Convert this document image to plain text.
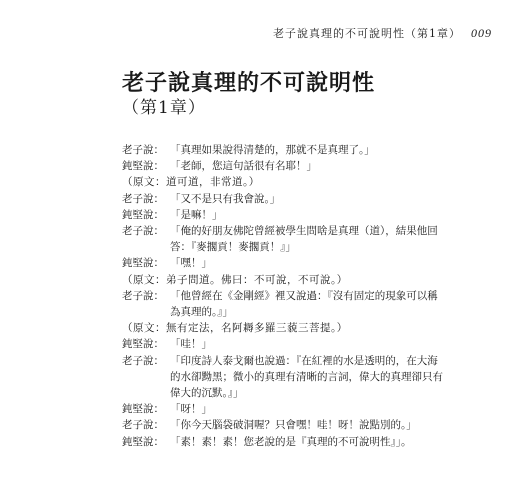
老子說真理的不可說明性（第1章） 009
老子說真理的不可說明性
（第1章）
老子說： 「真理如果說得清楚的，那就不是真理了。」
鈍堅說： 「老師，您這句話很有名耶！」
（原文：道可道，非常道。）
老子說： 「又不是只有我會說。」
鈍堅說： 「是嘛！」
老子說： 「俺的好朋友佛陀曾經被學生問啥是真理（道），結果他回
答：『麥擱貢！麥擱貢！』」
鈍堅說： 「嘿！」
（原文：弟子問道。佛曰：不可說，不可說。）
老子說： 「他曾經在《金剛經》裡又說過：『沒有固定的現象可以稱
為真理的。』」
（原文：無有定法，名阿耨多羅三藐三菩提。）
鈍堅說： 「哇！」
老子說： 「印度詩人泰戈爾也說過：『在紅裡的水是透明的，在大海
的水卻黝黑；微小的真理有清晰的言詞，偉大的真理卻只有
偉大的沉默。』」
鈍堅說： 「呀！」
老子說： 「你今天腦袋破洞喔？只會嘿！哇！呀！說點別的。」
鈍堅說： 「素！素！素！您老說的是『真理的不可說明性』」。
